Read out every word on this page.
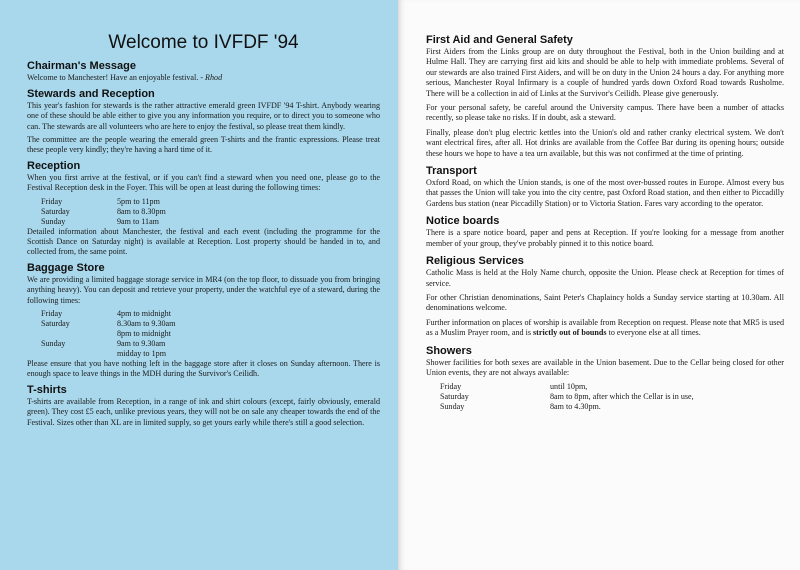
Welcome to IVFDF '94
Chairman's Message

Welcome to Manchester! Have an enjoyable festival. - Rhod

Stewards and Reception

This year's fashion for stewards is the rather attractive emerald green IVFDF '94 T-shirt. Anybody wearing one of these should be able either to give you any information you require, or to direct you to someone who can. The stewards are all volunteers who are here to enjoy the festival, so please treat them kindly.

The committee are the people wearing the emerald green T-shirts and the frantic expressions. Please treat these people very kindly; they're having a hard time of it.

Reception

When you first arrive at the festival, or if you can't find a steward when you need one, please go to the Festival Reception desk in the Foyer. This will be open at least during the following times:

Friday	5pm to 11pm
Saturday	8am to 8.30pm
Sunday	9am to 11am

Detailed information about Manchester, the festival and each event (including the programme for the Scottish Dance on Saturday night) is available at Reception. Lost property should be handed in to, and collected from, the same point.

Baggage Store

We are providing a limited baggage storage service in MR4 (on the top floor, to dissuade you from bringing anything heavy). You can deposit and retrieve your property, under the watchful eye of a steward, during the following times:

Friday	4pm to midnight
Saturday	8.30am to 9.30am
	8pm to midnight
Sunday	9am to 9.30am
	midday to 1pm

Please ensure that you have nothing left in the baggage store after it closes on Sunday afternoon. There is enough space to leave things in the MDH during the Survivor's Ceilidh.

T-shirts

T-shirts are available from Reception, in a range of ink and shirt colours (except, fairly obviously, emerald green). They cost £5 each, unlike previous years, they will not be on sale any cheaper towards the end of the Festival. Sizes other than XL are in limited supply, so get yours early while there's still a good selection.

First Aid and General Safety

First Aiders from the Links group are on duty throughout the Festival, both in the Union building and at Hulme Hall. They are carrying first aid kits and should be able to help with immediate problems. Several of our stewards are also trained First Aiders, and will be on duty in the Union 24 hours a day. For anything more serious, Manchester Royal Infirmary is a couple of hundred yards down Oxford Road towards Rusholme. There will be a collection in aid of Links at the Survivor's Ceilidh. Please give generously.

For your personal safety, be careful around the University campus. There have been a number of attacks recently, so please take no risks. If in doubt, ask a steward.

Finally, please don't plug electric kettles into the Union's old and rather cranky electrical system. We don't want electrical fires, after all. Hot drinks are available from the Coffee Bar during its opening hours; outside these hours we hope to have a tea urn available, but this was not confirmed at the time of printing.

Transport

Oxford Road, on which the Union stands, is one of the most over-bussed routes in Europe. Almost every bus that passes the Union will take you into the city centre, past Oxford Road station, and then either to Piccadilly Gardens bus station (near Piccadilly Station) or to Victoria Station. Fares vary according to the operator.

Notice boards

There is a spare notice board, paper and pens at Reception. If you're looking for a message from another member of your group, they've probably pinned it to this notice board.

Religious Services

Catholic Mass is held at the Holy Name church, opposite the Union. Please check at Reception for times of service.

For other Christian denominations, Saint Peter's Chaplaincy holds a Sunday service starting at 10.30am. All denominations welcome.

Further information on places of worship is available from Reception on request. Please note that MR5 is used as a Muslim Prayer room, and is strictly out of bounds to everyone else at all times.

Showers

Shower facilities for both sexes are available in the Union basement. Due to the Cellar being closed for other Union events, they are not always available:

Friday	until 10pm,
Saturday	8am to 8pm, after which the Cellar is in use,
Sunday	8am to 4.30pm.
